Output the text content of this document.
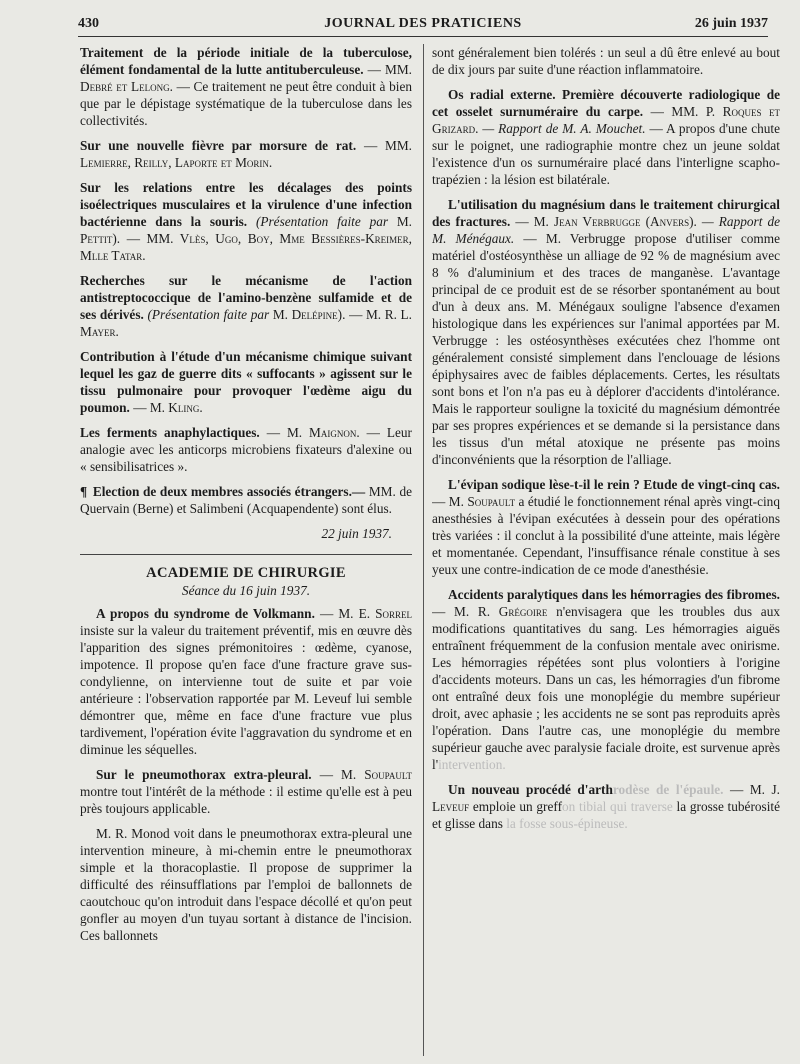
430	JOURNAL DES PRATICIENS	26 juin 1937

Traitement de la période initiale de la tuberculose, élément fondamental de la lutte antituberculeuse. — MM. Debré et Lelong. — Ce traitement ne peut être conduit à bien que par le dépistage systématique de la tuberculose dans les collectivités.

Sur une nouvelle fièvre par morsure de rat. — MM. Lemierre, Reilly, Laporte et Morin.

Sur les relations entre les décalages des points isoélectriques musculaires et la virulence d'une infection bactérienne dans la souris. (Présentation faite par M. Pettit). — MM. Vlès, Ugo, Boy, Mme Bessières-Kreimer, Mlle Tatar.

Recherches sur le mécanisme de l'action antistreptococcique de l'amino-benzène sulfamide et de ses dérivés. (Présentation faite par M. Delépine). — M. R. L. Mayer.

Contribution à l'étude d'un mécanisme chimique suivant lequel les gaz de guerre dits « suffocants » agissent sur le tissu pulmonaire pour provoquer l'œdème aigu du poumon. — M. Kling.

Les ferments anaphylactiques. — M. Maignon. — Leur analogie avec les anticorps microbiens fixateurs d'alexine ou « sensibilisatrices ».

¶ Election de deux membres associés étrangers.— MM. de Quervain (Berne) et Salimbeni (Acquapendente) sont élus.

22 juin 1937.
ACADEMIE DE CHIRURGIE
Séance du 16 juin 1937.

A propos du syndrome de Volkmann. — M. E. Sorrel insiste sur la valeur du traitement préventif, mis en œuvre dès l'apparition des signes prémonitoires : œdème, cyanose, impotence. Il propose qu'en face d'une fracture grave sus-condylienne, on intervienne tout de suite et par voie antérieure : l'observation rapportée par M. Leveuf lui semble démontrer que, même en face d'une fracture vue plus tardivement, l'opération évite l'aggravation du syndrome et en diminue les séquelles.

Sur le pneumothorax extra-pleural. — M. Soupault montre tout l'intérêt de la méthode : il estime qu'elle est à peu près toujours applicable.

M. R. Monod voit dans le pneumothorax extra-pleural une intervention mineure, à mi-chemin entre le pneumothorax simple et la thoracoplastie. Il propose de supprimer la difficulté des réinsufflations par l'emploi de ballonnets de caoutchouc qu'on introduit dans l'espace décollé et qu'on peut gonfler au moyen d'un tuyau sortant à distance de l'incision. Ces ballonnets

sont généralement bien tolérés : un seul a dû être enlevé au bout de dix jours par suite d'une réaction inflammatoire.

Os radial externe. Première découverte radiologique de cet osselet surnuméraire du carpe. — MM. P. Roques et Grizard. — Rapport de M. A. Mouchet. — A propos d'une chute sur le poignet, une radiographie montre chez un jeune soldat l'existence d'un os surnuméraire placé dans l'interligne scapho-trapézien : la lésion est bilatérale.

L'utilisation du magnésium dans le traitement chirurgical des fractures. — M. Jean Verbrugge (Anvers). — Rapport de M. Ménégaux. — M. Verbrugge propose d'utiliser comme matériel d'ostéosynthèse un alliage de 92 % de magnésium avec 8 % d'aluminium et des traces de manganèse. L'avantage principal de ce produit est de se résorber spontanément au bout d'un à deux ans. M. Ménégaux souligne l'absence d'examen histologique dans les expériences sur l'animal apportées par M. Verbrugge : les ostéosynthèses exécutées chez l'homme ont généralement consisté simplement dans l'enclouage de lésions épiphysaires avec de faibles déplacements. Certes, les résultats sont bons et l'on n'a pas eu à déplorer d'accidents d'intolérance. Mais le rapporteur souligne la toxicité du magnésium démontrée par ses propres expériences et se demande si la persistance dans les tissus d'un métal atoxique ne présente pas moins d'inconvénients que la résorption de l'alliage.

L'évipan sodique lèse-t-il le rein ? Etude de vingt-cinq cas. — M. Soupault a étudié le fonctionnement rénal après vingt-cinq anesthésies à l'évipan exécutées à dessein pour des opérations très variées : il conclut à la possibilité d'une atteinte, mais légère et momentanée. Cependant, l'insuffisance rénale constitue à ses yeux une contre-indication de ce mode d'anesthésie.

Accidents paralytiques dans les hémorragies des fibromes. — M. R. Grégoire n'envisagera que les troubles dus aux modifications quantitatives du sang. Les hémorragies aiguës entraînent fréquemment de la confusion mentale avec onirisme. Les hémorragies répétées sont plus volontiers à l'origine d'accidents moteurs. Dans un cas, les hémorragies d'un fibrome ont entraîné deux fois une monoplégie du membre supérieur droit, avec aphasie ; les accidents ne se sont pas reproduits après l'opération. Dans l'autre cas, une monoplégie du membre supérieur gauche avec paralysie faciale droite, est survenue après l'intervention.

Un nouveau procédé d'arthrodèse de l'épaule. — M. J. Leveuf emploie un greffon tibial qui traverse la grosse tubérosité et glisse dans la fosse sous-épineuse.
